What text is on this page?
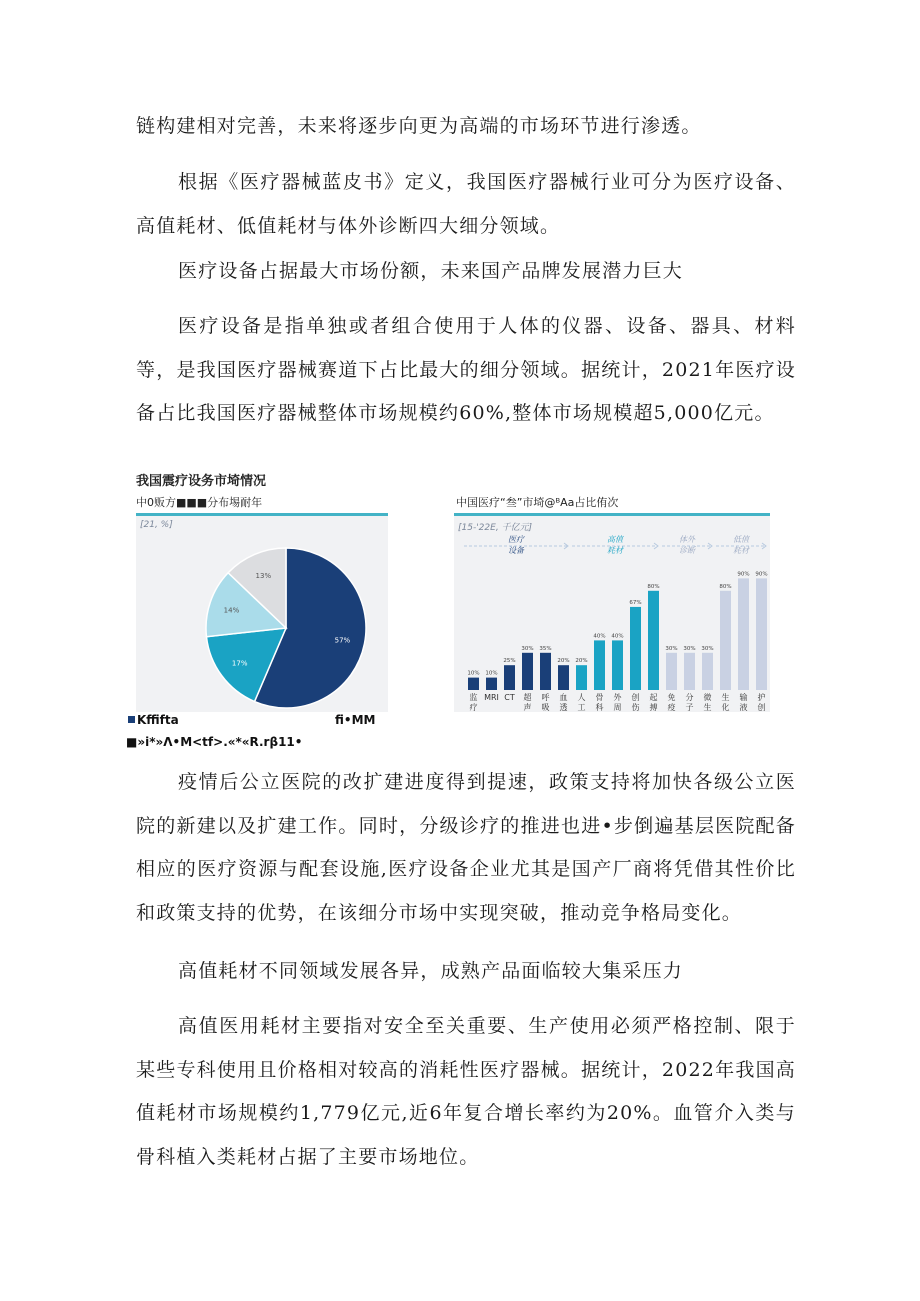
链构建相对完善，未来将逐步向更为高端的市场环节进行渗透。

根据《医疗器械蓝皮书》定义，我国医疗器械行业可分为医疗设备、高值耗材、低值耗材与体外诊断四大细分领域。

医疗设备占据最大市场份额，未来国产品牌发展潜力巨大

医疗设备是指单独或者组合使用于人体的仪器、设备、器具、材料等，是我国医疗器械赛道下占比最大的细分领域。据统计，2021年医疗设备占比我国医疗器械整体市场规模约60%,整体市场规模超5,000亿元。

我国震疗设务市埼情况
中0贩方■■■分布埸耐年
[21, %]
57%
17%
14%
13%
中国医疗“叁”市埼@ᴮAa占比侑次
[15-'22E, 千亿元]
医疗
设备
高值
耗材
体外
诊断
低值
耗材
10%
监
疗
10%
MRI
25%
CT
30%
超
声
35%
呼
吸
20%
血
透
20%
人
工
40%
骨
科
40%
外
周
67%
创
伤
80%
起
搏
30%
免
疫
30%
分
子
30%
微
生
80%
生
化
90%
输
液
90%
护
创
Kffifta	fi•MM
■»i*»Λ•M<tf>.«*«R.rβ11•

疫情后公立医院的改扩建进度得到提速，政策支持将加快各级公立医院的新建以及扩建工作。同时，分级诊疗的推进也进•步倒遍基层医院配备相应的医疗资源与配套设施,医疗设备企业尤其是国产厂商将凭借其性价比和政策支持的优势，在该细分市场中实现突破，推动竞争格局变化。

高值耗材不同领域发展各异，成熟产品面临较大集采压力

高值医用耗材主要指对安全至关重要、生产使用必须严格控制、限于某些专科使用且价格相对较高的消耗性医疗器械。据统计，2022年我国高值耗材市场规模约1,779亿元,近6年复合增长率约为20%。血管介入类与骨科植入类耗材占据了主要市场地位。
